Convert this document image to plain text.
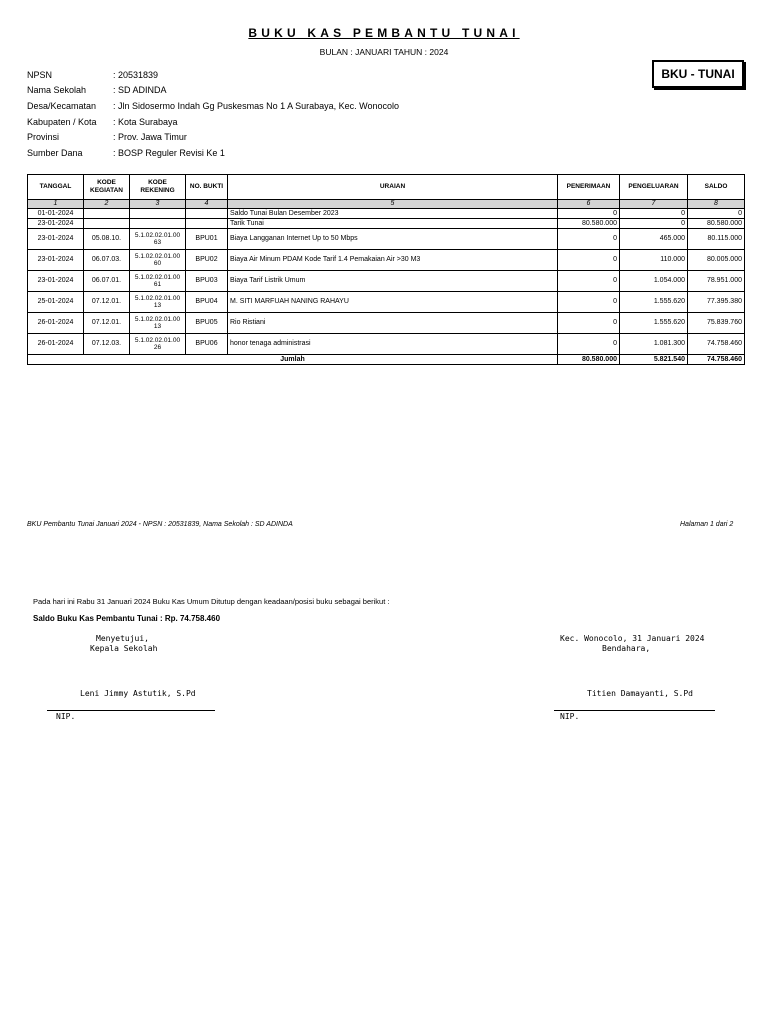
BUKU KAS PEMBANTU TUNAI
BULAN : JANUARI TAHUN : 2024
BKU - TUNAI
NPSN	: 20531839
Nama Sekolah	: SD ADINDA
Desa/Kecamatan : Jln Sidosermo Indah Gg Puskesmas No 1 A Surabaya, Kec. Wonocolo
Kabupaten / Kota : Kota Surabaya
Provinsi	: Prov. Jawa Timur
Sumber Dana	: BOSP Reguler Revisi Ke 1
TANGGAL	KODE KEGIATAN	KODE REKENING	NO. BUKTI	URAIAN	PENERIMAAN	PENGELUARAN	SALDO
1	2	3	4	5	6	7	8
01-01-2024				Saldo Tunai Bulan Desember 2023	0	0	0
23-01-2024				Tarik Tunai	80.580.000	0	80.580.000
23-01-2024	05.08.10.	5.1.02.02.01.00 63	BPU01	Biaya Langganan Internet Up to 50 Mbps	0	465.000	80.115.000
23-01-2024	06.07.03.	5.1.02.02.01.00 60	BPU02	Biaya Air Minum PDAM Kode Tarif 1.4 Pemakaian Air >30 M3	0	110.000	80.005.000
23-01-2024	06.07.01.	5.1.02.02.01.00 61	BPU03	Biaya Tarif Listrik Umum	0	1.054.000	78.951.000
25-01-2024	07.12.01.	5.1.02.02.01.00 13	BPU04	M. SITI MARFUAH NANING RAHAYU	0	1.555.620	77.395.380
26-01-2024	07.12.01.	5.1.02.02.01.00 13	BPU05	Rio Ristiani	0	1.555.620	75.839.760
26-01-2024	07.12.03.	5.1.02.02.01.00 26	BPU06	honor tenaga administrasi	0	1.081.300	74.758.460
Jumlah					80.580.000	5.821.540	74.758.460
BKU Pembantu Tunai Januari 2024 - NPSN : 20531839, Nama Sekolah : SD ADINDA	Halaman 1 dari 2
Pada hari ini Rabu 31 Januari 2024 Buku Kas Umum Ditutup dengan keadaan/posisi buku sebagai berikut :
Saldo Buku Kas Pembantu Tunai : Rp. 74.758.460
Menyetujui,
Kepala Sekolah
Kec. Wonocolo, 31 Januari 2024
Bendahara,
Leni Jimmy Astutik, S.Pd	Titien Damayanti, S.Pd
NIP.	NIP.
